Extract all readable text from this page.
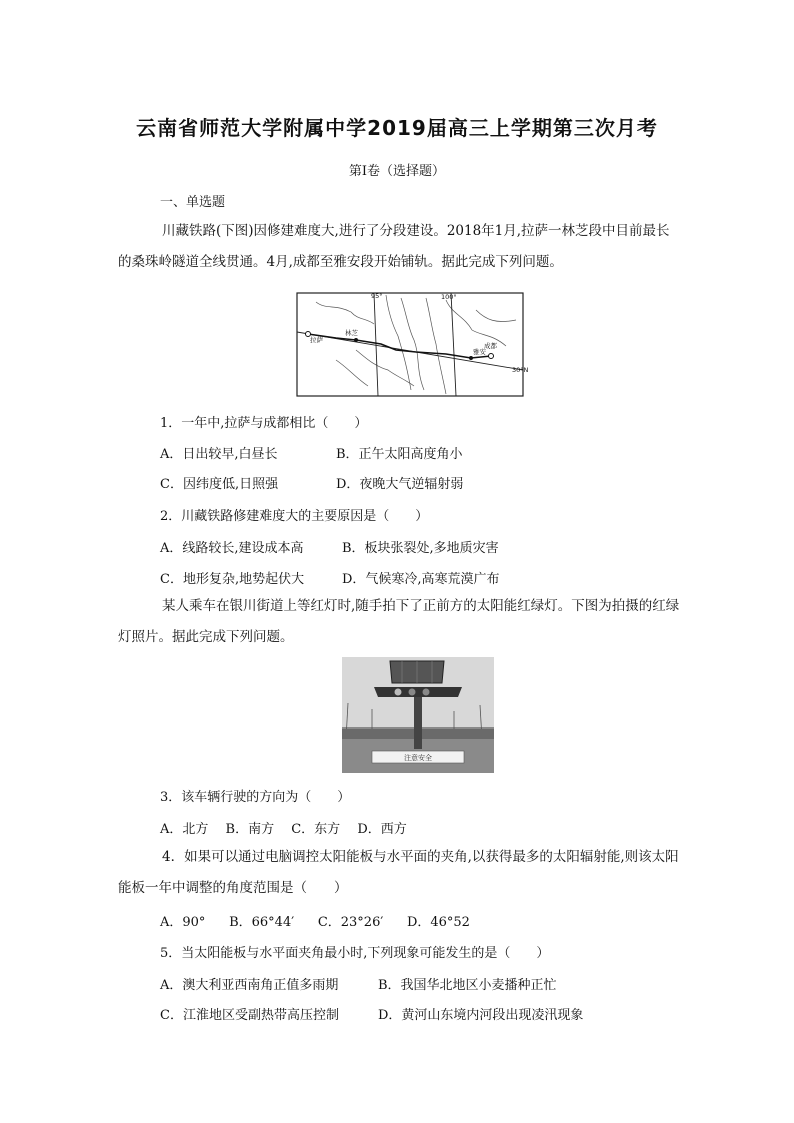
云南省师范大学附属中学2019届高三上学期第三次月考
第Ⅰ卷（选择题）
一、单选题
川藏铁路(下图)因修建难度大,进行了分段建设。2018年1月,拉萨一林芝段中目前最长的桑珠岭隧道全线贯通。4月,成都至雅安段开始铺轨。据此完成下列问题。
95°	100°
30°N
拉萨
林芝
雅安
成都
1．一年中,拉萨与成都相比（　　）
A．日出较早,白昼长	B．正午太阳高度角小
C．因纬度低,日照强	D．夜晚大气逆辐射弱
2．川藏铁路修建难度大的主要原因是（　　）
A．线路较长,建设成本高	B．板块张裂处,多地质灾害
C．地形复杂,地势起伏大	D．气候寒冷,高寒荒漠广布
某人乘车在银川街道上等红灯时,随手拍下了正前方的太阳能红绿灯。下图为拍摄的红绿灯照片。据此完成下列问题。
注意安全
3．该车辆行驶的方向为（　　）
A．北方  B．南方  C．东方  D．西方
4．如果可以通过电脑调控太阳能板与水平面的夹角,以获得最多的太阳辐射能,则该太阳能板一年中调整的角度范围是（　　）
A．90°   B．66°44′   C．23°26′   D．46°52
5．当太阳能板与水平面夹角最小时,下列现象可能发生的是（　　）
A．澳大利亚西南角正值多雨期	B．我国华北地区小麦播种正忙
C．江淮地区受副热带高压控制	D．黄河山东境内河段出现凌汛现象
